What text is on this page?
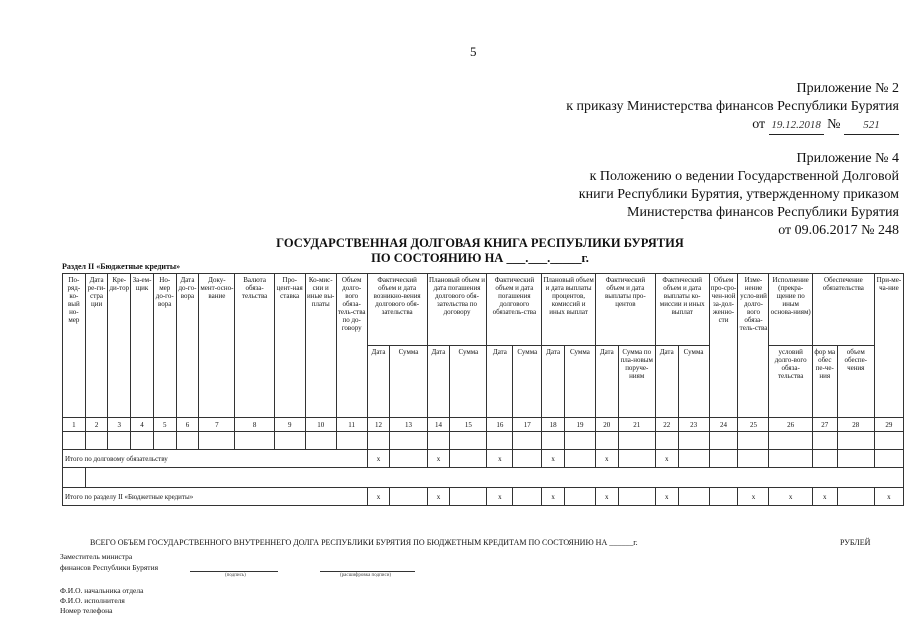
5
Приложение № 2
к приказу Министерства финансов Республики Бурятия
от 19.12.2018 № 521
Приложение № 4
к Положению о ведении Государственной Долговой
книги Республики Бурятия, утвержденному приказом
Министерства финансов Республики Бурятия
от 09.06.2017 № 248
ГОСУДАРСТВЕННАЯ ДОЛГОВАЯ КНИГА РЕСПУБЛИКИ БУРЯТИЯ
ПО СОСТОЯНИЮ НА ___.___._____г.
Раздел II «Бюджетные кредиты»
По-ряд-ко-вый но-мер	Дата ре-ги-стра ции	Кре-ди-тор	За-ем-щик	Но-мер до-го-вора	Дата до-го-вора	Доку-мент-осно-вание	Валюта обяза-тельства	Про-цент-ная ставка	Ко-мис-сии и иные вы-платы	Объем долго-вого обяза-тель-ства по до-говору	Фактический объем и дата возникно-вения долгового обя-зательства		Плановый объем и дата погашения долгового обя-зательства по договору		Фактический объем и дата погашения долгового обязатель-ства		Плановый объем и дата выплаты процентов, комиссий и иных выплат		Фактический объем и дата выплаты про-центов		Фактический объем и дата выплаты ко-миссии и иных выплат		Объем про-сро-чен-ной за-дол-женно-сти	Изме-нение усло-вий долго-вого обяза-тель-ства	Исполнение (прекра-щение по иным основа-ниям)	Обеспечение обязательства		При-ме-ча-ние
											Дата	Сумма	Дата	Сумма	Дата	Сумма	Дата	Сумма	Дата	Сумма по пла-новым поруче-ниям	Дата	Сумма			условий долго-вого обяза-тельства	фор ма обес пе-че-ния	объем обеспе-чения	
1	2	3	4	5	6	7	8	9	10	11	12	13	14	15	16	17	18	19	20	21	22	23	24	25	26	27	28	29

Итого по долговому обязательству											x		x		x		x		x		x							

Итого по разделу II «Бюджетные кредиты»											x		x		x		x		x		x			x	x	x		x
ВСЕГО ОБЪЕМ ГОСУДАРСТВЕННОГО ВНУТРЕННЕГО ДОЛГА РЕСПУБЛИКИ БУРЯТИЯ ПО БЮДЖЕТНЫМ КРЕДИТАМ ПО СОСТОЯНИЮ НА ______г.	РУБЛЕЙ
Заместитель министра
финансов Республики Бурятия
(подпись)	(расшифровка подписи)
Ф.И.О. начальника отдела
Ф.И.О. исполнителя
Номер телефона
